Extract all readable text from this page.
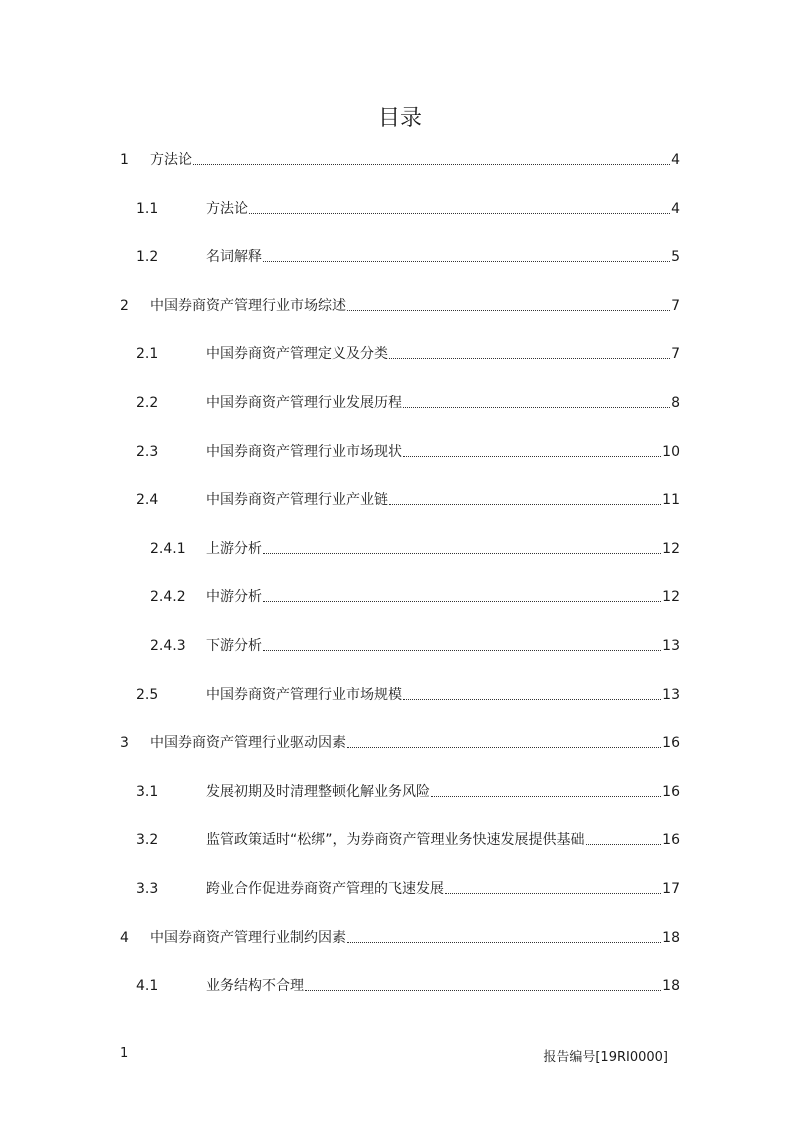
目录
1	方法论	4
1.1	方法论	4
1.2	名词解释	5
2	中国券商资产管理行业市场综述	7
2.1	中国券商资产管理定义及分类	7
2.2	中国券商资产管理行业发展历程	8
2.3	中国券商资产管理行业市场现状	10
2.4	中国券商资产管理行业产业链	11
2.4.1	上游分析	12
2.4.2	中游分析	12
2.4.3	下游分析	13
2.5	中国券商资产管理行业市场规模	13
3	中国券商资产管理行业驱动因素	16
3.1	发展初期及时清理整顿化解业务风险	16
3.2	监管政策适时“松绑”，为券商资产管理业务快速发展提供基础	16
3.3	跨业合作促进券商资产管理的飞速发展	17
4	中国券商资产管理行业制约因素	18
4.1	业务结构不合理	18
1	报告编号[19RI0000]
